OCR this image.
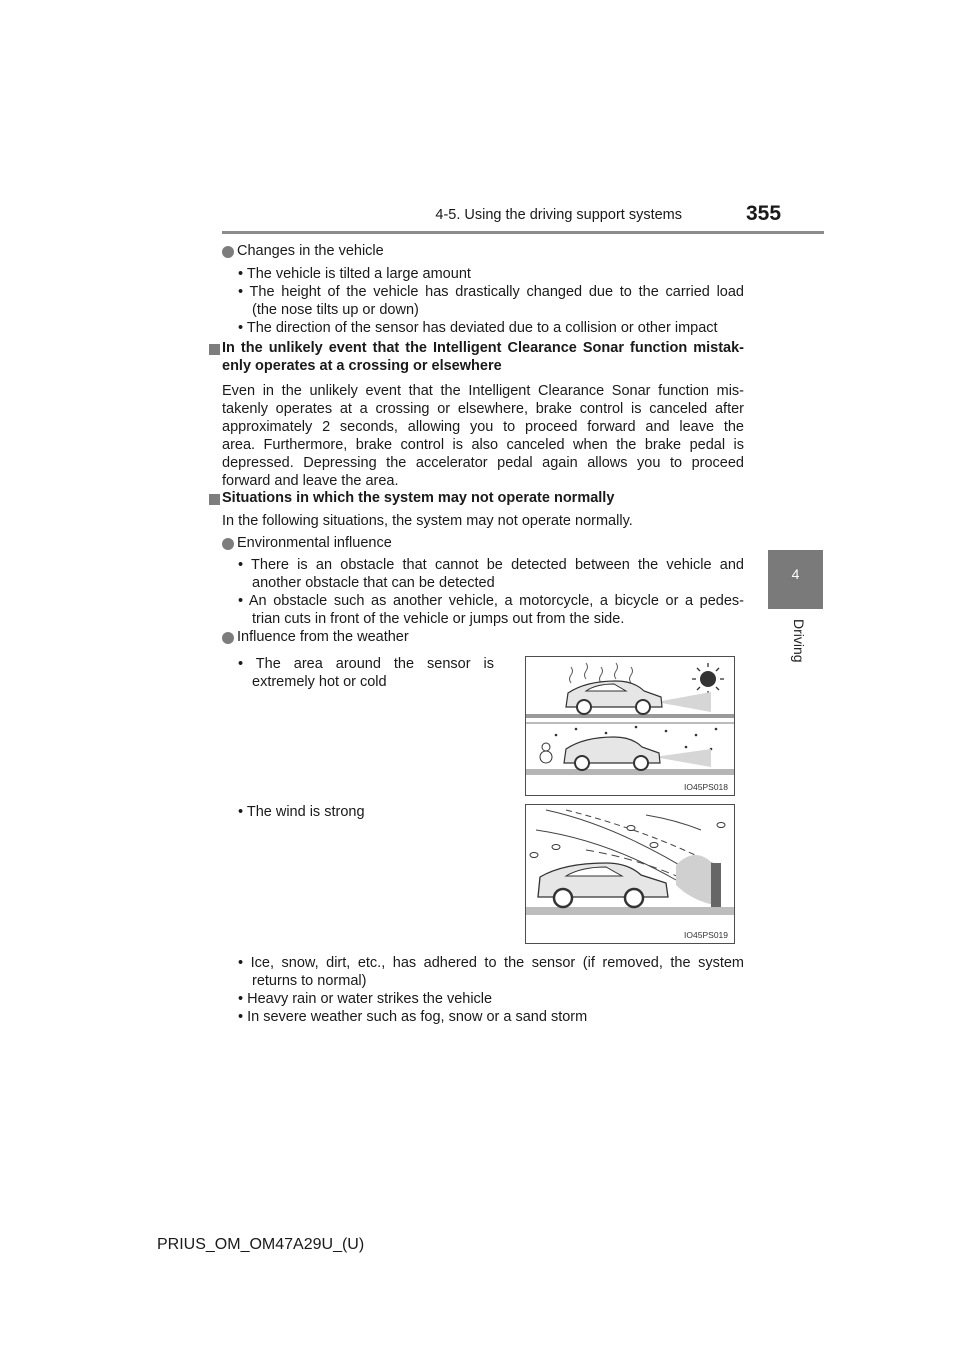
4-5. Using the driving support systems	355
4
Driving
Changes in the vehicle
• The vehicle is tilted a large amount
• The height of the vehicle has drastically changed due to the carried load
(the nose tilts up or down)
• The direction of the sensor has deviated due to a collision or other impact
In the unlikely event that the Intelligent Clearance Sonar function mistak-
enly operates at a crossing or elsewhere
Even in the unlikely event that the Intelligent Clearance Sonar function mis-
takenly operates at a crossing or elsewhere, brake control is canceled after
approximately 2 seconds, allowing you to proceed forward and leave the
area. Furthermore, brake control is also canceled when the brake pedal is
depressed. Depressing the accelerator pedal again allows you to proceed
forward and leave the area.
Situations in which the system may not operate normally
In the following situations, the system may not operate normally.
Environmental influence
• There is an obstacle that cannot be detected between the vehicle and
another obstacle that can be detected
• An obstacle such as another vehicle, a motorcycle, a bicycle or a pedes-
trian cuts in front of the vehicle or jumps out from the side.
Influence from the weather
• The area around the sensor is
extremely hot or cold
• The wind is strong
IO45PS018
IO45PS019
• Ice, snow, dirt, etc., has adhered to the sensor (if removed, the system
returns to normal)
• Heavy rain or water strikes the vehicle
• In severe weather such as fog, snow or a sand storm
PRIUS_OM_OM47A29U_(U)
